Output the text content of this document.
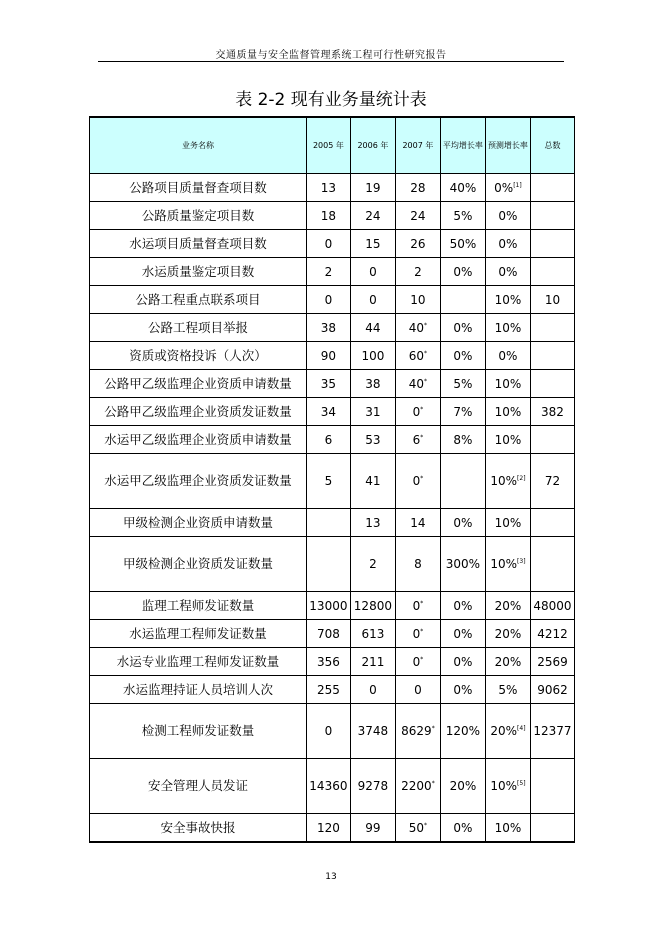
交通质量与安全监督管理系统工程可行性研究报告
表 2-2 现有业务量统计表
业务名称	2005 年	2006 年	2007 年	平均增长率	预测增长率	总数
公路项目质量督查项目数	13	19	28	40%	0%[1]	
公路质量鉴定项目数	18	24	24	5%	0%	
水运项目质量督查项目数	0	15	26	50%	0%	
水运质量鉴定项目数	2	0	2	0%	0%	
公路工程重点联系项目	0	0	10		10%	10
公路工程项目举报	38	44	40*	0%	10%	
资质或资格投诉（人次）	90	100	60*	0%	0%	
公路甲乙级监理企业资质申请数量	35	38	40*	5%	10%	
公路甲乙级监理企业资质发证数量	34	31	0*	7%	10%	382
水运甲乙级监理企业资质申请数量	6	53	6*	8%	10%	
水运甲乙级监理企业资质发证数量	5	41	0*		10%[2]	72
甲级检测企业资质申请数量		13	14	0%	10%	
甲级检测企业资质发证数量		2	8	300%	10%[3]	
监理工程师发证数量	13000	12800	0*	0%	20%	48000
水运监理工程师发证数量	708	613	0*	0%	20%	4212
水运专业监理工程师发证数量	356	211	0*	0%	20%	2569
水运监理持证人员培训人次	255	0	0	0%	5%	9062
检测工程师发证数量	0	3748	8629*	120%	20%[4]	12377
安全管理人员发证	14360	9278	2200*	20%	10%[5]	
安全事故快报	120	99	50*	0%	10%	
13
